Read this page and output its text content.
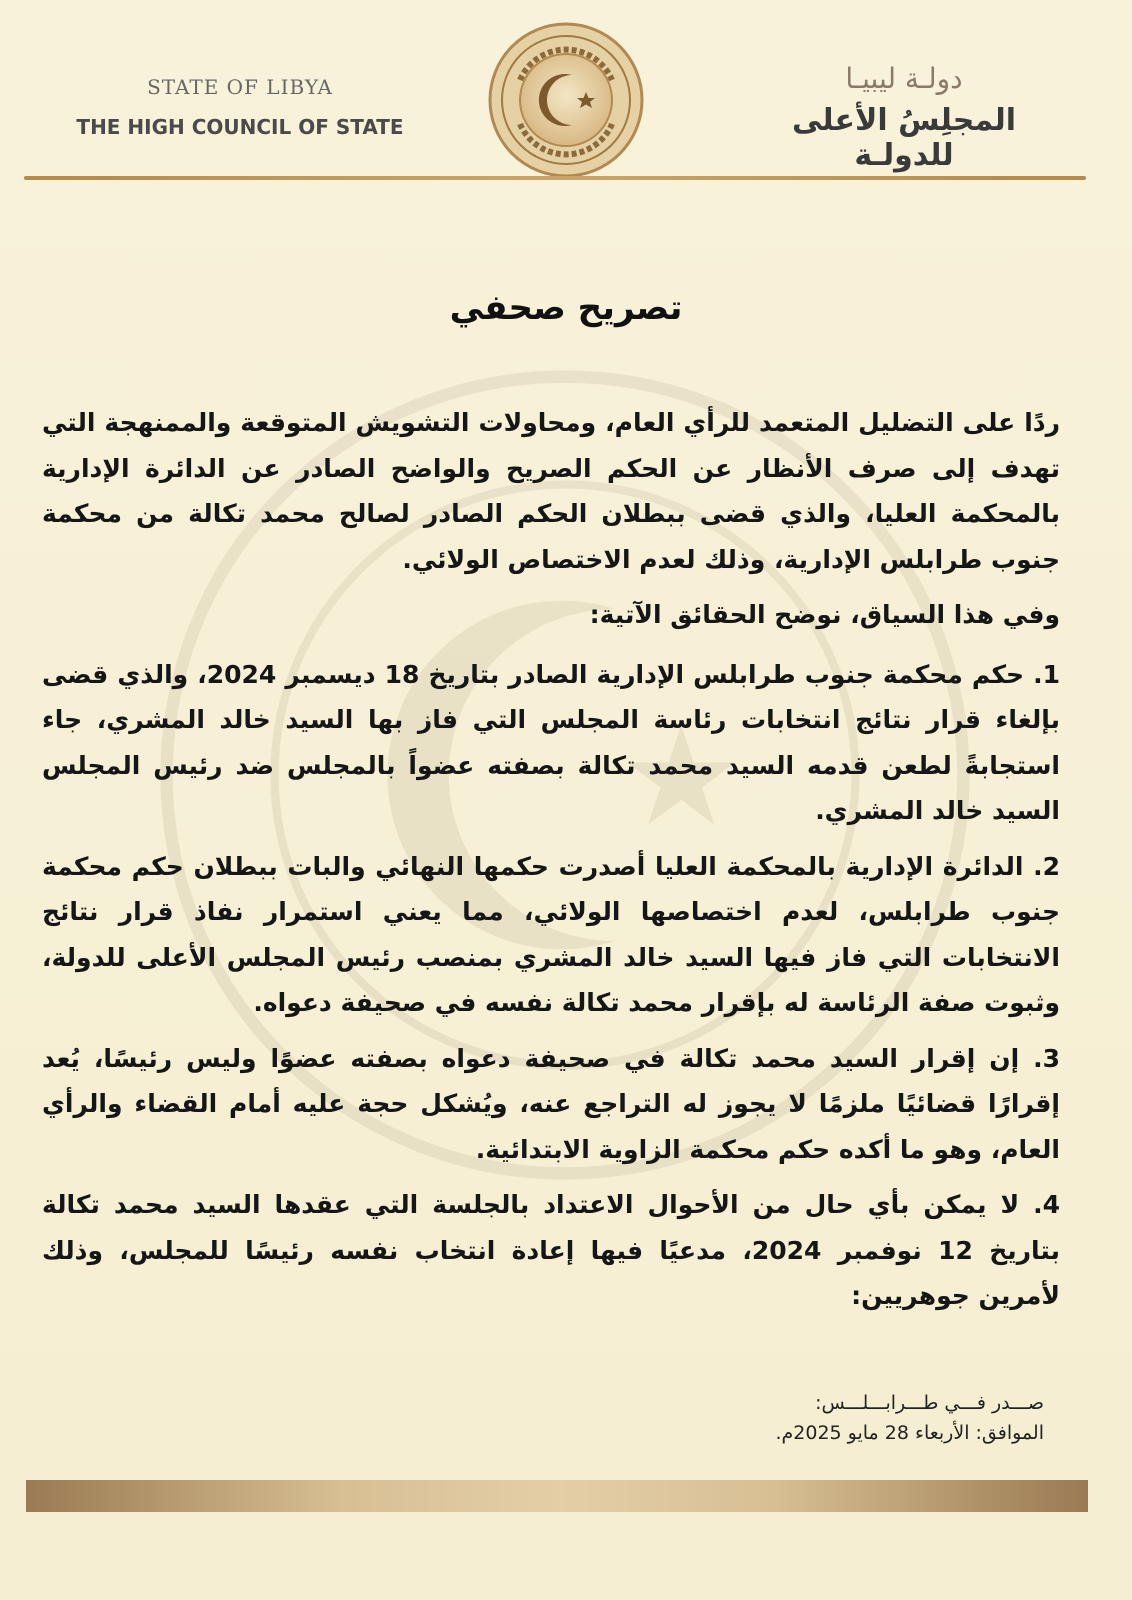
STATE OF LIBYA
THE HIGH COUNCIL OF STATE
دولـة ليبيـا
المجلِسُ الأعلى للدولـة
تصريح صحفي

ردًا على التضليل المتعمد للرأي العام، ومحاولات التشويش المتوقعة والممنهجة التي تهدف إلى صرف الأنظار عن الحكم الصريح والواضح الصادر عن الدائرة الإدارية بالمحكمة العليا، والذي قضى ببطلان الحكم الصادر لصالح محمد تكالة من محكمة جنوب طرابلس الإدارية، وذلك لعدم الاختصاص الولائي.

وفي هذا السياق، نوضح الحقائق الآتية:

1. حكم محكمة جنوب طرابلس الإدارية الصادر بتاريخ 18 ديسمبر 2024، والذي قضى بإلغاء قرار نتائج انتخابات رئاسة المجلس التي فاز بها السيد خالد المشري، جاء استجابةً لطعن قدمه السيد محمد تكالة بصفته عضواً بالمجلس ضد رئيس المجلس السيد خالد المشري.

2. الدائرة الإدارية بالمحكمة العليا أصدرت حكمها النهائي والبات ببطلان حكم محكمة جنوب طرابلس، لعدم اختصاصها الولائي، مما يعني استمرار نفاذ قرار نتائج الانتخابات التي فاز فيها السيد خالد المشري بمنصب رئيس المجلس الأعلى للدولة، وثبوت صفة الرئاسة له بإقرار محمد تكالة نفسه في صحيفة دعواه.

3. إن إقرار السيد محمد تكالة في صحيفة دعواه بصفته عضوًا وليس رئيسًا، يُعد إقرارًا قضائيًا ملزمًا لا يجوز له التراجع عنه، ويُشكل حجة عليه أمام القضاء والرأي العام، وهو ما أكده حكم محكمة الزاوية الابتدائية.

4. لا يمكن بأي حال من الأحوال الاعتداد بالجلسة التي عقدها السيد محمد تكالة بتاريخ 12 نوفمبر 2024، مدعيًا فيها إعادة انتخاب نفسه رئيسًا للمجلس، وذلك لأمرين جوهريين:

صـــدر فـــي طـــرابـــلـــس:
الموافق: الأربعاء 28 مايو 2025م.
